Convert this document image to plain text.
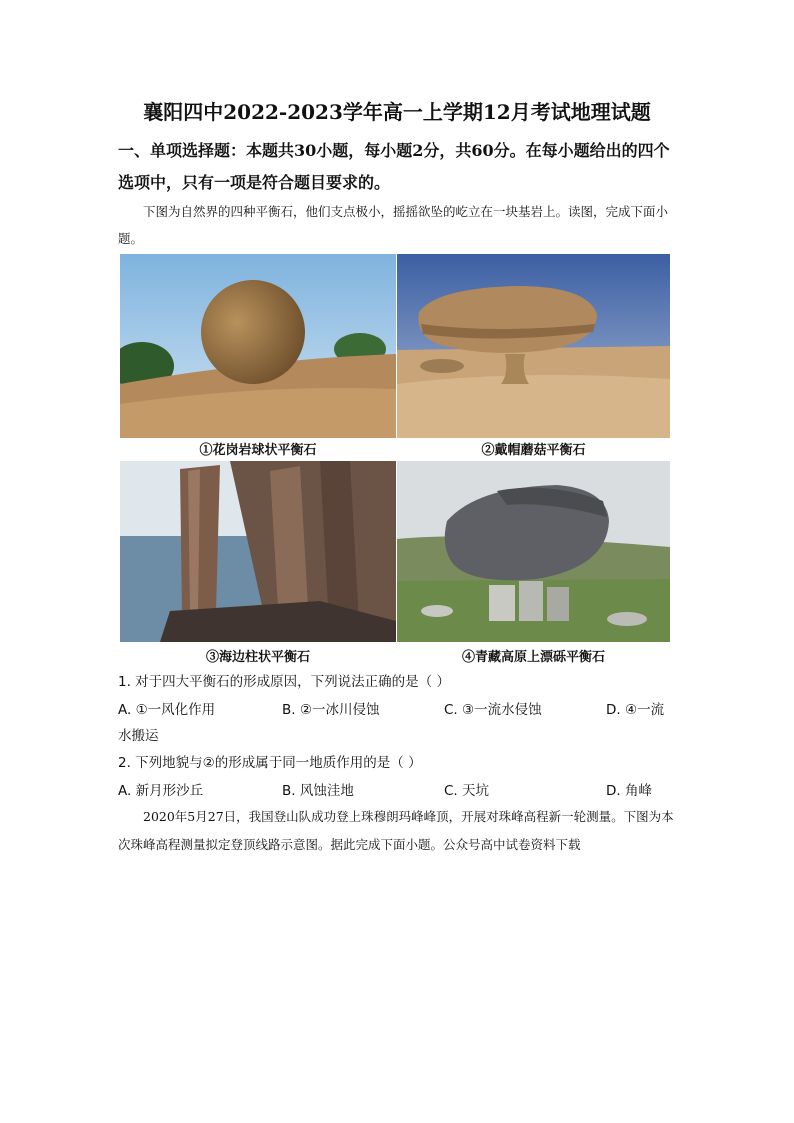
襄阳四中2022-2023学年高一上学期12月考试地理试题
一、单项选择题：本题共30小题，每小题2分，共60分。在每小题给出的四个选项中，只有一项是符合题目要求的。
下图为自然界的四种平衡石，他们支点极小，摇摇欲坠的屹立在一块基岩上。读图，完成下面小题。
①花岗岩球状平衡石	②戴帽蘑菇平衡石
③海边柱状平衡石	④青藏高原上漂砾平衡石
1. 对于四大平衡石的形成原因，下列说法正确的是（ ）
A. ①一风化作用	B. ②一冰川侵蚀	C. ③一流水侵蚀	D. ④一流
水搬运
2. 下列地貌与②的形成属于同一地质作用的是（ ）
A. 新月形沙丘	B. 风蚀洼地	C. 天坑	D. 角峰
2020年5月27日，我国登山队成功登上珠穆朗玛峰峰顶，开展对珠峰高程新一轮测量。下图为本次珠峰高程测量拟定登顶线路示意图。据此完成下面小题。公众号高中试卷资料下载
